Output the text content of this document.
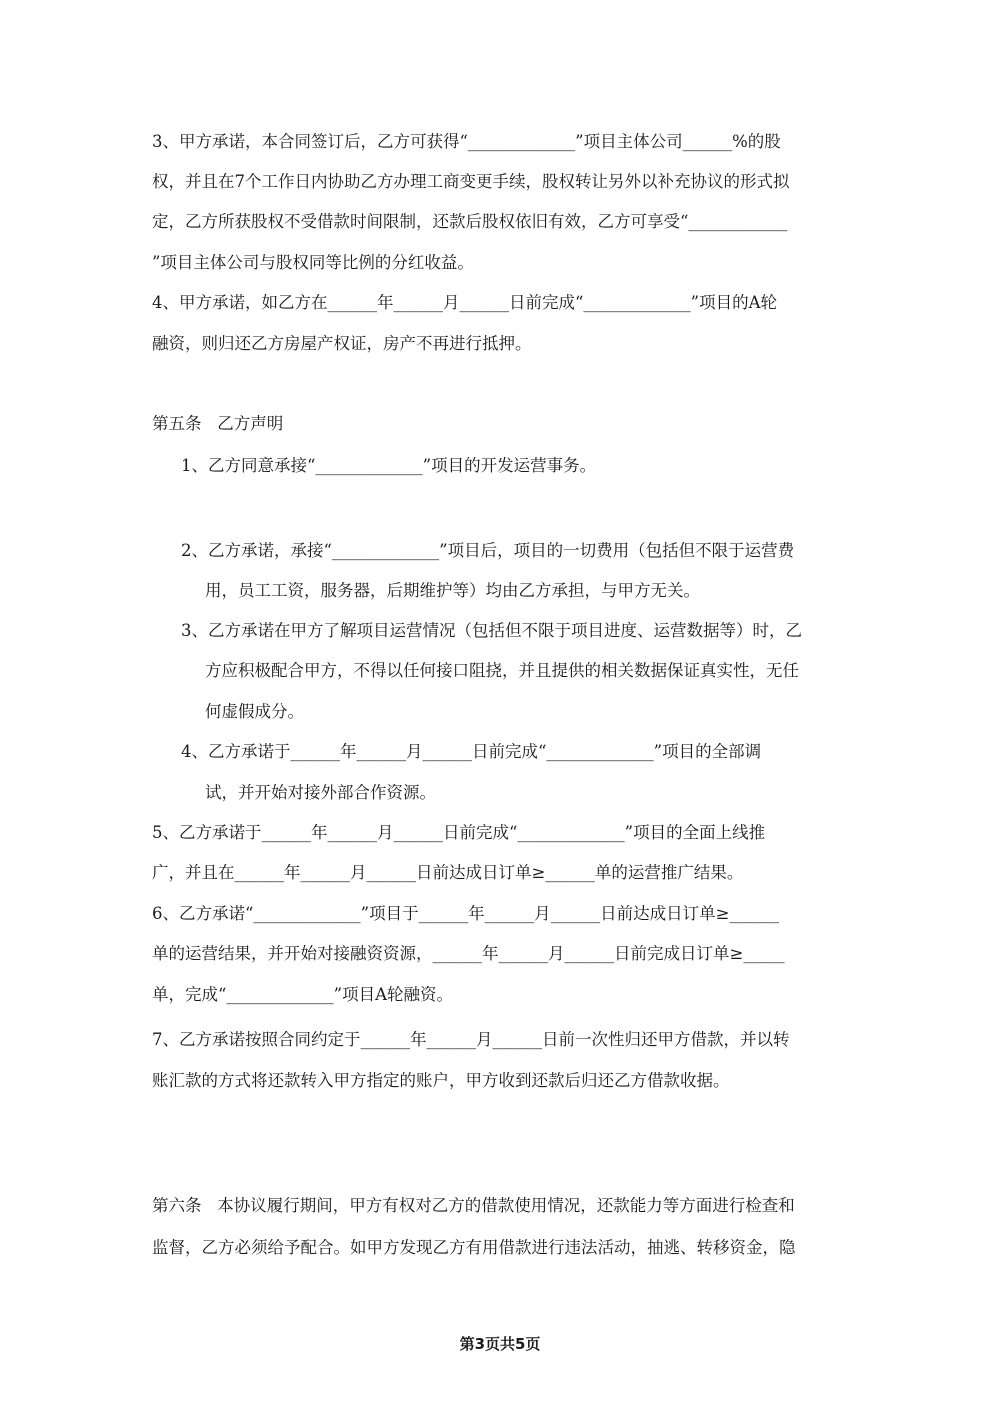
3、甲方承诺，本合同签订后，乙方可获得“_____________”项目主体公司______%的股
权，并且在7个工作日内协助乙方办理工商变更手续，股权转让另外以补充协议的形式拟
定，乙方所获股权不受借款时间限制，还款后股权依旧有效，乙方可享受“____________
”项目主体公司与股权同等比例的分红收益。
4、甲方承诺，如乙方在______年______月______日前完成“_____________”项目的A轮
融资，则归还乙方房屋产权证，房产不再进行抵押。
第五条   乙方声明
1、乙方同意承接“_____________”项目的开发运营事务。
2、乙方承诺，承接“_____________”项目后，项目的一切费用（包括但不限于运营费
用，员工工资，服务器，后期维护等）均由乙方承担，与甲方无关。
3、乙方承诺在甲方了解项目运营情况（包括但不限于项目进度、运营数据等）时，乙
方应积极配合甲方，不得以任何接口阻挠，并且提供的相关数据保证真实性，无任
何虚假成分。
4、乙方承诺于______年______月______日前完成“_____________”项目的全部调
试，并开始对接外部合作资源。
5、乙方承诺于______年______月______日前完成“_____________”项目的全面上线推
广，并且在______年______月______日前达成日订单≥______单的运营推广结果。
6、乙方承诺“_____________”项目于______年______月______日前达成日订单≥______
单的运营结果，并开始对接融资资源，______年______月______日前完成日订单≥_____
单，完成“_____________”项目A轮融资。
7、乙方承诺按照合同约定于______年______月______日前一次性归还甲方借款，并以转
账汇款的方式将还款转入甲方指定的账户，甲方收到还款后归还乙方借款收据。
第六条   本协议履行期间，甲方有权对乙方的借款使用情况，还款能力等方面进行检查和
监督，乙方必须给予配合。如甲方发现乙方有用借款进行违法活动，抽逃、转移资金，隐
第3页共5页
